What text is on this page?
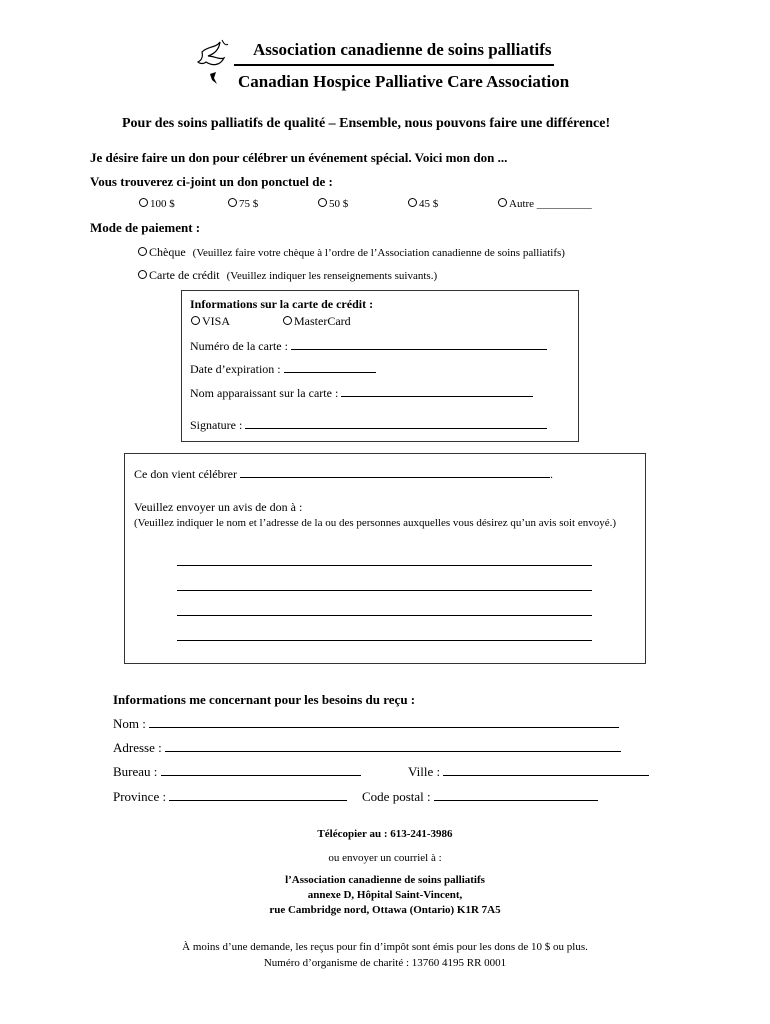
Association canadienne de soins palliatifs
Canadian Hospice Palliative Care Association
Pour des soins palliatifs de qualité – Ensemble, nous pouvons faire une différence!
Je désire faire un don pour célébrer un événement spécial. Voici mon don ...
Vous trouverez ci-joint un don ponctuel de :
100 $	75 $	50 $	45 $	Autre __________
Mode de paiement :
Chèque (Veuillez faire votre chèque à l’ordre de l’Association canadienne de soins palliatifs)
Carte de crédit (Veuillez indiquer les renseignements suivants.)
Informations sur la carte de crédit :
VISA	MasterCard
Numéro de la carte :
Date d’expiration :
Nom apparaissant sur la carte :
Signature :
Ce don vient célébrer	.
Veuillez envoyer un avis de don à :
(Veuillez indiquer le nom et l’adresse de la ou des personnes auxquelles vous désirez qu’un avis soit envoyé.)
Informations me concernant pour les besoins du reçu :
Nom :
Adresse :
Bureau :	Ville :
Province :	Code postal :
Télécopier au : 613-241-3986
ou envoyer un courriel à :
l’Association canadienne de soins palliatifs
annexe D, Hôpital Saint-Vincent,
rue Cambridge nord, Ottawa (Ontario) K1R 7A5
À moins d’une demande, les reçus pour fin d’impôt sont émis pour les dons de 10 $ ou plus.
Numéro d’organisme de charité : 13760 4195 RR 0001
